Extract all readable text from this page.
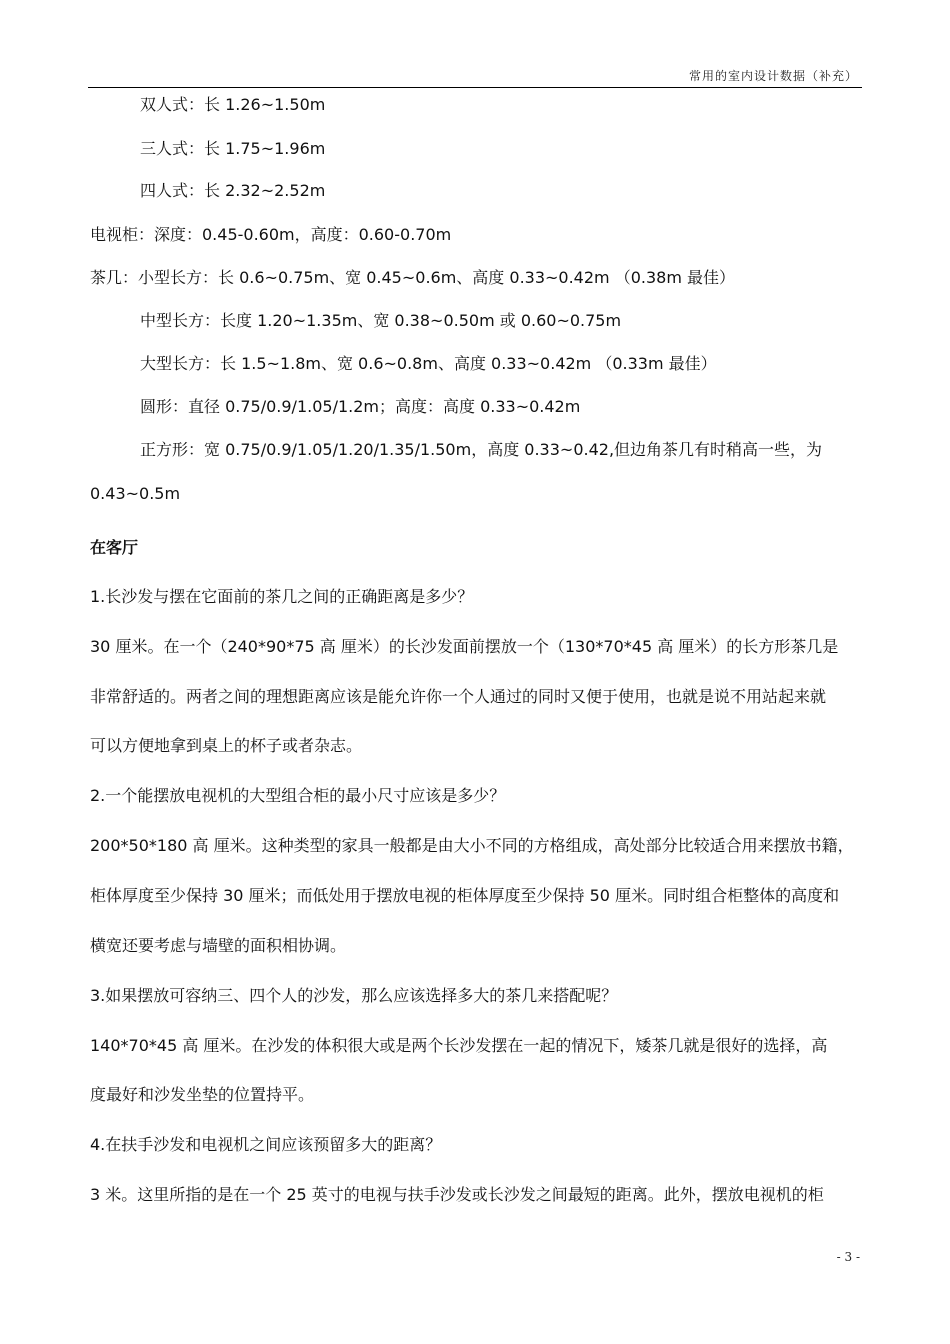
常用的室内设计数据（补充）
双人式：长 1.26~1.50m
三人式：长 1.75~1.96m
四人式：长 2.32~2.52m
电视柜：深度：0.45-0.60m，高度：0.60-0.70m
茶几：小型长方：长 0.6~0.75m、宽 0.45~0.6m、高度 0.33~0.42m （0.38m 最佳）
中型长方：长度 1.20~1.35m、宽 0.38~0.50m 或 0.60~0.75m
大型长方：长 1.5~1.8m、宽 0.6~0.8m、高度 0.33~0.42m （0.33m 最佳）
圆形：直径 0.75/0.9/1.05/1.2m；高度：高度 0.33~0.42m
正方形：宽 0.75/0.9/1.05/1.20/1.35/1.50m，高度 0.33~0.42,但边角茶几有时稍高一些，为
0.43~0.5m
在客厅
1.长沙发与摆在它面前的茶几之间的正确距离是多少？
30 厘米。在一个（240*90*75 高 厘米）的长沙发面前摆放一个（130*70*45 高 厘米）的长方形茶几是
非常舒适的。两者之间的理想距离应该是能允许你一个人通过的同时又便于使用，也就是说不用站起来就
可以方便地拿到桌上的杯子或者杂志。
2.一个能摆放电视机的大型组合柜的最小尺寸应该是多少？
200*50*180 高 厘米。这种类型的家具一般都是由大小不同的方格组成，高处部分比较适合用来摆放书籍，
柜体厚度至少保持 30 厘米；而低处用于摆放电视的柜体厚度至少保持 50 厘米。同时组合柜整体的高度和
横宽还要考虑与墙壁的面积相协调。
3.如果摆放可容纳三、四个人的沙发，那么应该选择多大的茶几来搭配呢？
140*70*45 高 厘米。在沙发的体积很大或是两个长沙发摆在一起的情况下，矮茶几就是很好的选择，高
度最好和沙发坐垫的位置持平。
4.在扶手沙发和电视机之间应该预留多大的距离？
3 米。这里所指的是在一个 25 英寸的电视与扶手沙发或长沙发之间最短的距离。此外，摆放电视机的柜
- 3 -
